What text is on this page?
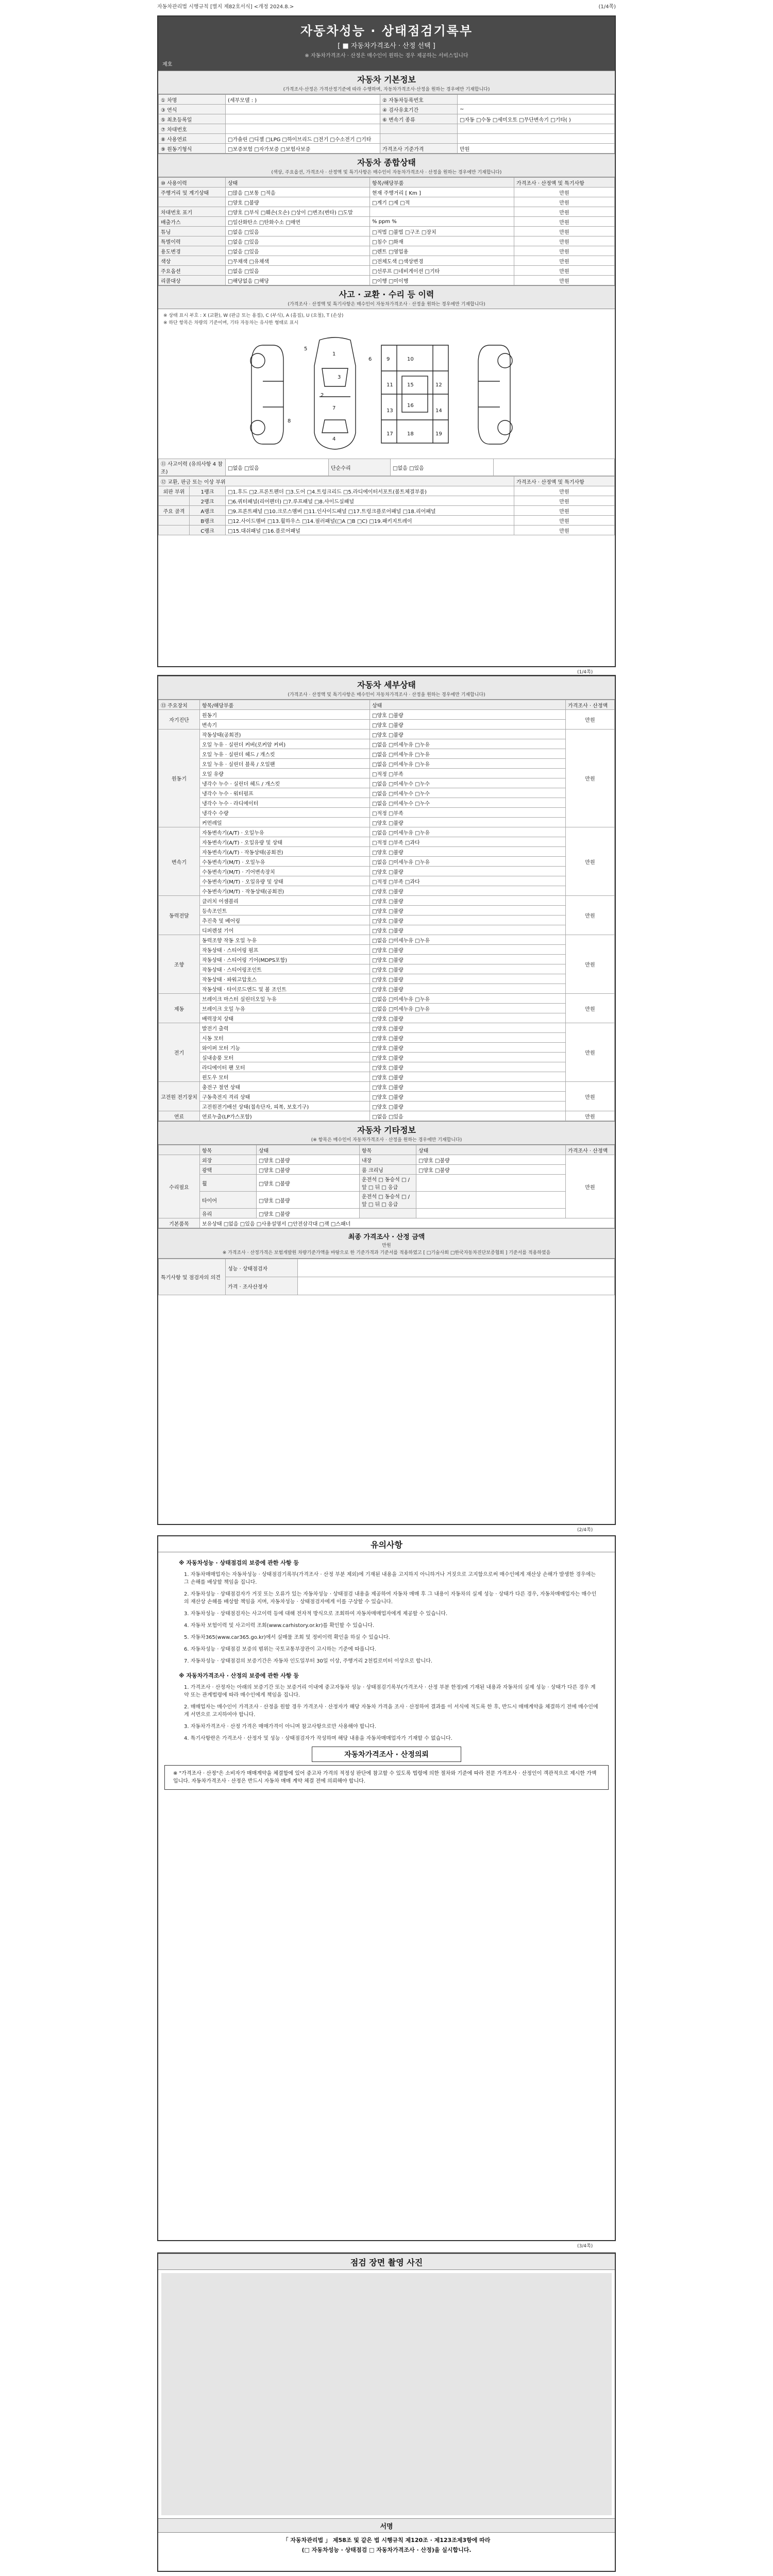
자동차관리법 시행규칙 [별지 제82호서식] <개정 2024.8.>	(1/4쪽)
자동차성능 · 상태점검기록부
[ ■ 자동차가격조사 · 산정 선택 ]
※ 자동차가격조사 · 산정은 매수인이 원하는 경우 제공하는 서비스입니다
제호
자동차 기본정보
(가격조사·산정은 가격산정기준에 따라 수행하며, 자동차가격조사·산정을 원하는 경우에만 기재합니다)
① 차명	(세부모델 : )	② 자동차등록번호	
③ 연식		④ 검사유효기간	~
⑤ 최초등록일		⑥ 변속기 종류	□자동 □수동 □세미오토 □무단변속기 □기타( )
⑦ 차대번호			
⑧ 사용연료	□가솔린 □디젤 □LPG □하이브리드 □전기 □수소전기 □기타		
⑨ 원동기형식	□보증보험 □자가보증 □보험사보증	가격조사 기준가격	만원
자동차 종합상태
(색상, 주요옵션, 가격조사 · 산정액 및 특기사항은 매수인이 자동차가격조사 · 산정을 원하는 경우에만 기재합니다)
⑩ 사용이력	상태	항목/해당부품	가격조사 · 산정액 및 특기사항
주행거리 및 계기상태	□많음 □보통 □적음	현재 주행거리 [ Km ]	만원
	□양호 □불량	□계기 □제 □적	만원
차대번호 표기	□양호 □부식 □훼손(오손) □상이 □변조(변타) □도말		만원
배출가스	□일산화탄소 □탄화수소 □매연	% ppm %	만원
튜닝	□없음 □있음	□적법 □불법 □구조 □장치	만원
특별이력	□없음 □있음	□침수 □화재	만원
용도변경	□없음 □있음	□렌트 □영업용	만원
색상	□무채색 □유채색	□전체도색 □색상변경	만원
주요옵션	□없음 □있음	□선루프 □네비게이션 □기타	만원
리콜대상	□해당없음 □해당	□이행 □미이행	만원
사고 · 교환 · 수리 등 이력
(가격조사 · 산정액 및 특기사항은 매수인이 자동차가격조사 · 산정을 원하는 경우에만 기재합니다)
※ 상태 표시 부호 : X (교환), W (판금 또는 용접), C (부식), A (흠집), U (요철), T (손상)
※ 하단 항목은 차량의 기준이며, 기타 자동차는 유사한 형태로 표시
1
2
3
4
5
6
7
8
9	10
11	12
13	14
15
16
17	18	19
⑪ 사고이력 (유의사항 4 참조)	□없음 □있음	단순수리	□없음 □있음	
⑫ 교환, 판금 또는 이상 부위			가격조사 · 산정액 및 특기사항
외판 부위	1랭크	□1.후드 □2.프론트펜더 □3.도어 □4.트렁크리드 □5.라디에이터서포트(볼트체결부품)	만원
	2랭크	□6.쿼터패널(리어펜더) □7.루프패널 □8.사이드실패널	만원
주요 골격	A랭크	□9.프론트패널 □10.크로스멤버 □11.인사이드패널 □17.트렁크플로어패널 □18.리어패널	만원
	B랭크	□12.사이드멤버 □13.휠하우스 □14.필러패널(□A □B □C) □19.패키지트레이	만원
	C랭크	□15.대쉬패널 □16.플로어패널	만원
(1/4쪽)
자동차 세부상태
(가격조사 · 산정액 및 특기사항은 매수인이 자동차가격조사 · 산정을 원하는 경우에만 기재합니다)
⑬ 주요장치	항목/해당부품	상태	가격조사 · 산정액
자기진단	원동기	□양호 □불량	만원
	변속기	□양호 □불량	
원동기	작동상태(공회전)	□양호 □불량	만원
	오일 누유 · 실린더 커버(로커암 커버)	□없음 □미세누유 □누유	
	오일 누유 · 실린더 헤드 / 개스킷	□없음 □미세누유 □누유	
	오일 누유 · 실린더 블록 / 오일팬	□없음 □미세누유 □누유	
	오일 유량	□적정 □부족	
	냉각수 누수 · 실린더 헤드 / 개스킷	□없음 □미세누수 □누수	
	냉각수 누수 · 워터펌프	□없음 □미세누수 □누수	
	냉각수 누수 · 라디에이터	□없음 □미세누수 □누수	
	냉각수 수량	□적정 □부족	
	커먼레일	□양호 □불량	
변속기	자동변속기(A/T) · 오일누유	□없음 □미세누유 □누유	만원
	자동변속기(A/T) · 오일유량 및 상태	□적정 □부족 □과다	
	자동변속기(A/T) · 작동상태(공회전)	□양호 □불량	
	수동변속기(M/T) · 오일누유	□없음 □미세누유 □누유	
	수동변속기(M/T) · 기어변속장치	□양호 □불량	
	수동변속기(M/T) · 오일유량 및 상태	□적정 □부족 □과다	
	수동변속기(M/T) · 작동상태(공회전)	□양호 □불량	
동력전달	클러치 어셈블리	□양호 □불량	만원
	등속조인트	□양호 □불량	
	추진축 및 베어링	□양호 □불량	
	디퍼렌셜 기어	□양호 □불량	
조향	동력조향 작동 오일 누유	□없음 □미세누유 □누유	만원
	작동상태 · 스티어링 펌프	□양호 □불량	
	작동상태 · 스티어링 기어(MDPS포함)	□양호 □불량	
	작동상태 · 스티어링조인트	□양호 □불량	
	작동상태 · 파워고압호스	□양호 □불량	
	작동상태 · 타이로드엔드 및 볼 조인트	□양호 □불량	
제동	브레이크 마스터 실린더오일 누유	□없음 □미세누유 □누유	만원
	브레이크 오일 누유	□없음 □미세누유 □누유	
	배력장치 상태	□양호 □불량	
전기	발전기 출력	□양호 □불량	만원
	시동 모터	□양호 □불량	
	와이퍼 모터 기능	□양호 □불량	
	실내송풍 모터	□양호 □불량	
	라디에이터 팬 모터	□양호 □불량	
	윈도우 모터	□양호 □불량	
고전원 전기장치	충전구 절연 상태	□양호 □불량	만원
	구동축전지 격리 상태	□양호 □불량	
	고전원전기배선 상태(접속단자, 피복, 보호기구)	□양호 □불량	
연료	연료누출(LP가스포함)	□없음 □있음	만원
자동차 기타정보
(※ 항목은 매수인이 자동차가격조사 · 산정을 원하는 경우에만 기재합니다)
	항목	상태	항목	상태	가격조사 · 산정액
수리필요	외장	□양호 □불량	내장	□양호 □불량	만원
	광택	□양호 □불량	룸 크리닝	□양호 □불량	
	휠	□양호 □불량	운전석 □ 동승석 □ / 앞 □ 뒤 □ 응급		
	타이어	□양호 □불량	운전석 □ 동승석 □ / 앞 □ 뒤 □ 응급		
	유리	□양호 □불량			
기본품목	보유상태 □없음 □있음 □사용설명서 □안전삼각대 □잭 □스패너				
최종 가격조사 · 산정 금액
만원
※ 가격조사 · 산정가격은 보험개발원 차량기준가액을 바탕으로 한 기준가격과 기준서를 적용하였고 [ □기술사회 □한국자동차진단보증협회 ] 기준서를 적용하였음
특기사항 및 점검자의 의견	성능 · 상태점검자	
	가격 · 조사산정자	
(2/4쪽)
유의사항
※ 자동차성능 · 상태점검의 보증에 관한 사항 등

1. 자동차매매업자는 자동차성능 · 상태점검기록부(가격조사 · 산정 부분 제외)에 기재된 내용을 고지하지 아니하거나 거짓으로 고지함으로써 매수인에게 재산상 손해가 발생한 경우에는 그 손해를 배상할 책임을 집니다.

2. 자동차성능 · 상태점검자가 거짓 또는 오류가 있는 자동차성능 · 상태점검 내용을 제공하여 자동차 매매 후 그 내용이 자동차의 실제 성능 · 상태가 다른 경우, 자동차매매업자는 매수인의 재산상 손해를 배상할 책임을 지며, 자동차성능 · 상태점검자에게 이를 구상할 수 있습니다.

3. 자동차성능 · 상태점검자는 사고이력 등에 대해 전자적 방식으로 조회하여 자동차매매업자에게 제공할 수 있습니다.

4. 자동차 보험이력 및 사고이력 조회(www.carhistory.or.kr)를 확인할 수 있습니다.

5. 자동차365(www.car365.go.kr)에서 실매물 조회 및 정비이력 확인을 하실 수 있습니다.

6. 자동차성능 · 상태점검 보증의 범위는 국토교통부장관이 고시하는 기준에 따릅니다.

7. 자동차성능 · 상태점검의 보증기간은 자동차 인도일부터 30일 이상, 주행거리 2천킬로미터 이상으로 합니다.

※ 자동차가격조사 · 산정의 보증에 관한 사항 등

1. 가격조사 · 산정자는 아래의 보증기간 또는 보증거리 이내에 중고자동차 성능 · 상태점검기록부(가격조사 · 산정 부분 한정)에 기재된 내용과 자동차의 실제 성능 · 상태가 다른 경우 계약 또는 관계법령에 따라 매수인에게 책임을 집니다.

2. 매매업자는 매수인이 가격조사 · 산정을 원할 경우 가격조사 · 산정자가 해당 자동차 가격을 조사 · 산정하여 결과를 이 서식에 적도록 한 후, 반드시 매매계약을 체결하기 전에 매수인에게 서면으로 고지하여야 합니다.

3. 자동차가격조사 · 산정 가격은 매매가격이 아니며 참고사항으로만 사용해야 합니다.

4. 특기사항란은 가격조사 · 산정자 및 성능 · 상태점검자가 작성하며 해당 내용을 자동차매매업자가 기재할 수 없습니다.

자동차가격조사 · 산정의뢰
※ "가격조사 · 산정"은 소비자가 매매계약을 체결함에 있어 중고차 가격의 적정성 판단에 참고할 수 있도록 법령에 의한 절차와 기준에 따라 전문 가격조사 · 산정인이 객관적으로 제시한 가액입니다. 자동차가격조사 · 산정은 반드시 자동차 매매 계약 체결 전에 의뢰해야 합니다.
(3/4쪽)
점검 장면 촬영 사진
서명
「 자동차관리법 」 제58조 및 같은 법 시행규칙 제120조 · 제123조제3항에 따라
(□ 자동차성능 · 상태점검 □ 자동차가격조사 · 산정)을 실시합니다.
